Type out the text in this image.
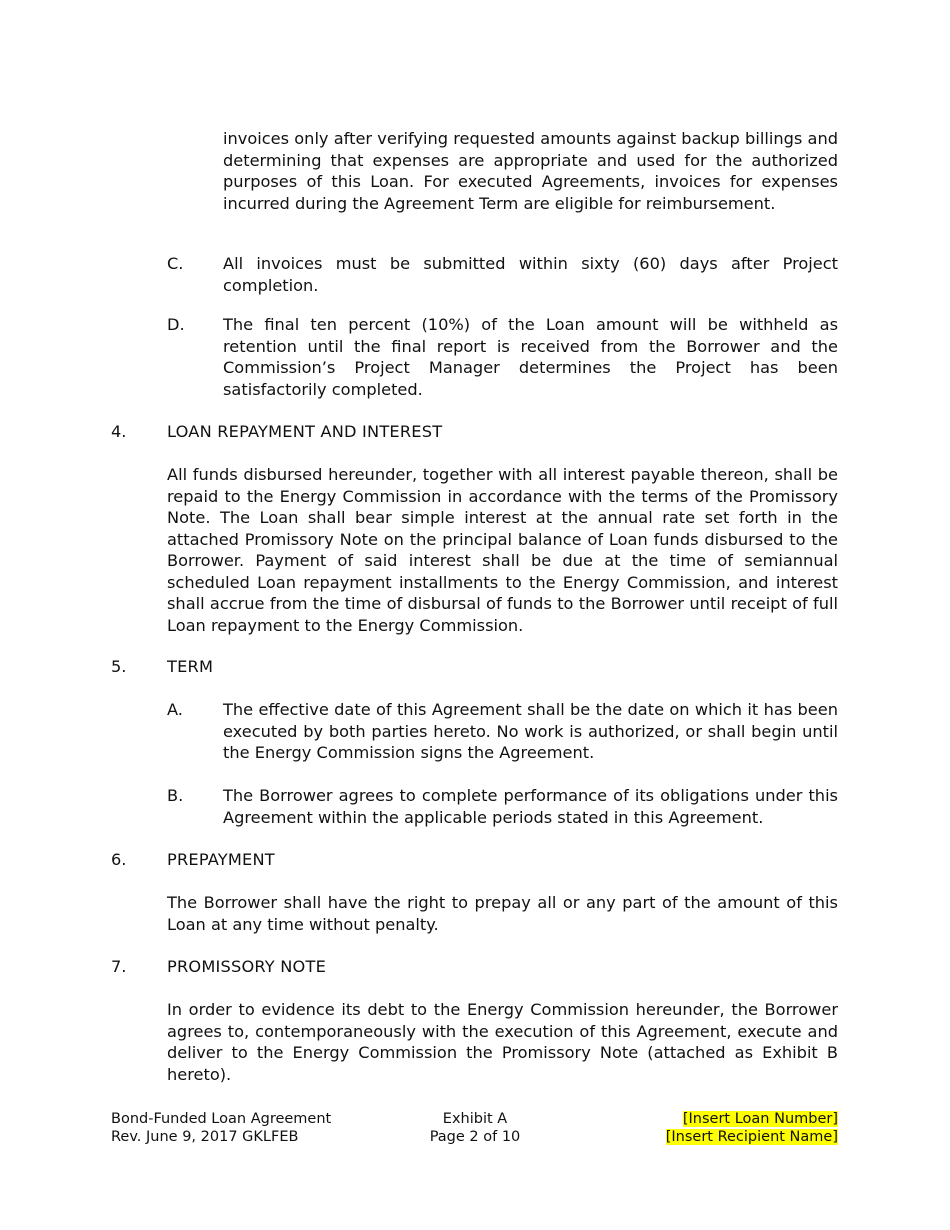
invoices only after verifying requested amounts against backup billings and determining that expenses are appropriate and used for the authorized purposes of this Loan. For executed Agreements, invoices for expenses incurred during the Agreement Term are eligible for reimbursement.

C. All invoices must be submitted within sixty (60) days after Project completion.

D. The final ten percent (10%) of the Loan amount will be withheld as retention until the final report is received from the Borrower and the Commission’s Project Manager determines the Project has been satisfactorily completed.

4.	LOAN REPAYMENT AND INTEREST

All funds disbursed hereunder, together with all interest payable thereon, shall be repaid to the Energy Commission in accordance with the terms of the Promissory Note. The Loan shall bear simple interest at the annual rate set forth in the attached Promissory Note on the principal balance of Loan funds disbursed to the Borrower. Payment of said interest shall be due at the time of semiannual scheduled Loan repayment installments to the Energy Commission, and interest shall accrue from the time of disbursal of funds to the Borrower until receipt of full Loan repayment to the Energy Commission.

5.	TERM

A. The effective date of this Agreement shall be the date on which it has been executed by both parties hereto. No work is authorized, or shall begin until the Energy Commission signs the Agreement.

B. The Borrower agrees to complete performance of its obligations under this Agreement within the applicable periods stated in this Agreement.

6.	PREPAYMENT

The Borrower shall have the right to prepay all or any part of the amount of this Loan at any time without penalty.

7.	PROMISSORY NOTE

In order to evidence its debt to the Energy Commission hereunder, the Borrower agrees to, contemporaneously with the execution of this Agreement, execute and deliver to the Energy Commission the Promissory Note (attached as Exhibit B hereto).

Bond-Funded Loan Agreement
Rev. June 9, 2017 GKLFEB
Exhibit A
Page 2 of 10
[Insert Loan Number]
[Insert Recipient Name]
